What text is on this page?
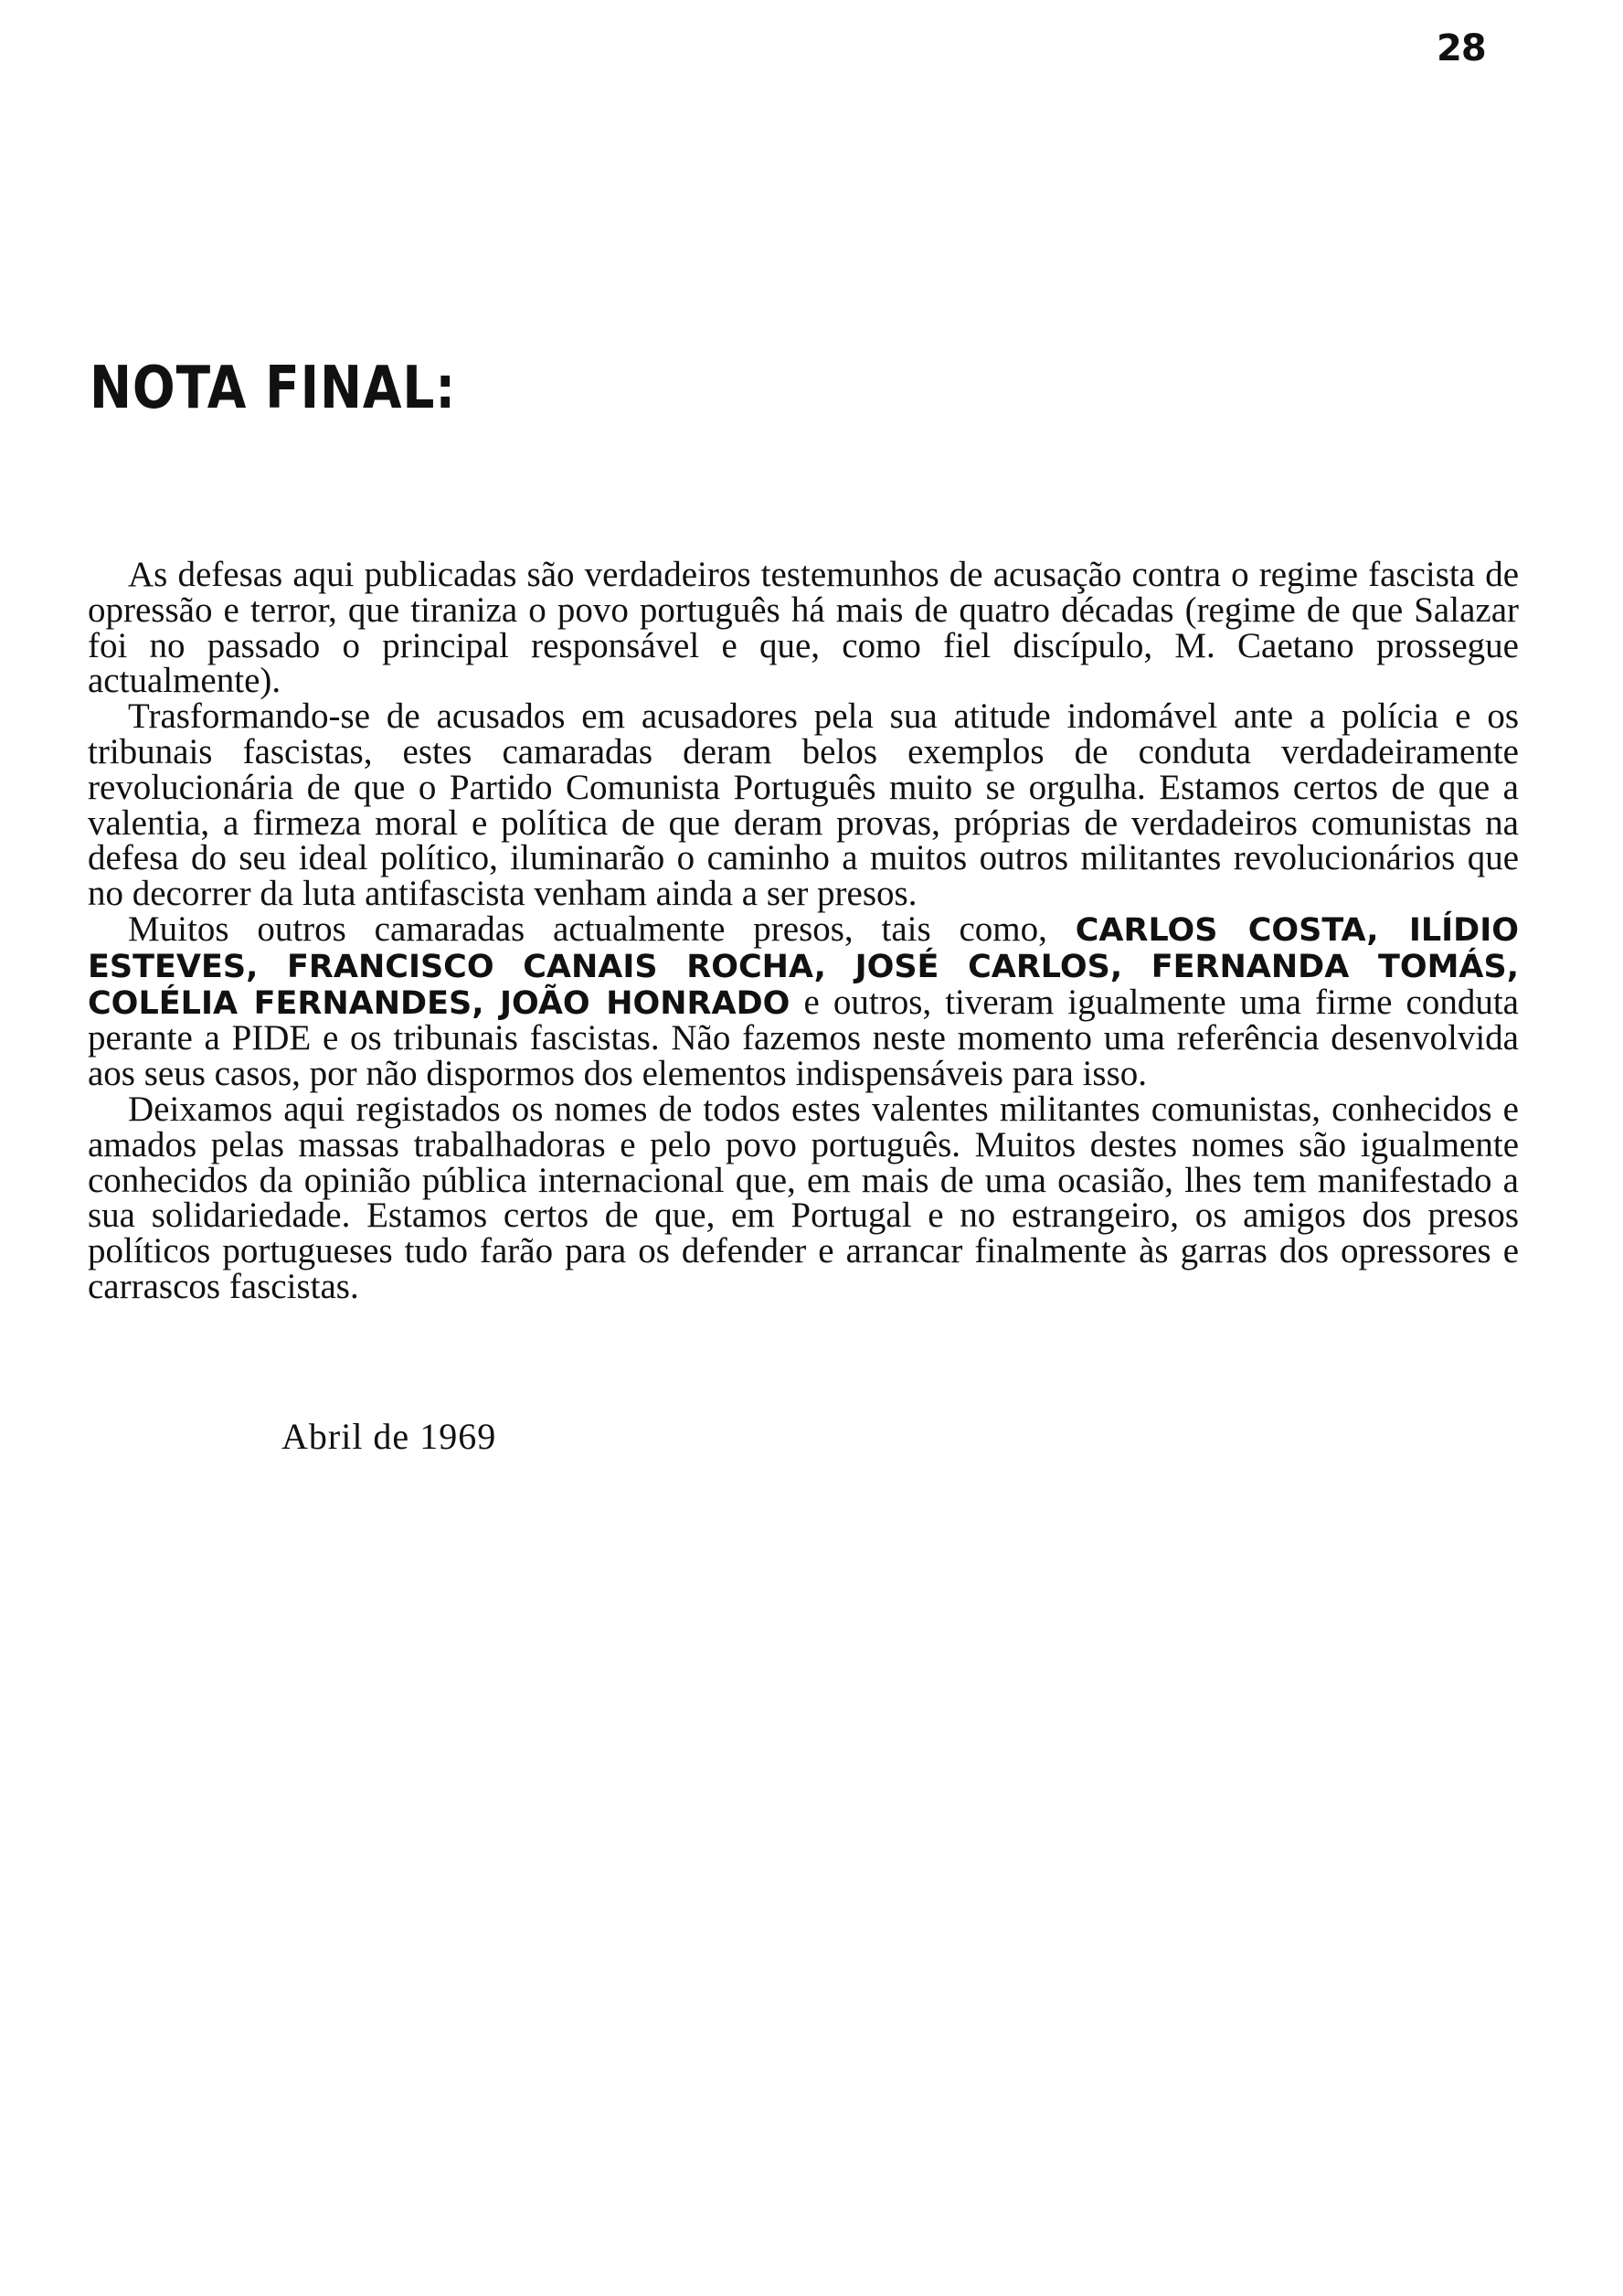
28
NOTA FINAL:

As defesas aqui publicadas são verdadeiros testemunhos de acusação contra o regime fascista de opressão e terror, que tiraniza o povo português há mais de quatro décadas (regime de que Salazar foi no passado o principal responsável e que, como fiel discípulo, M. Caetano prossegue actualmente).

Trasformando-se de acusados em acusadores pela sua atitude indomável ante a polícia e os tribunais fascistas, estes camaradas deram belos exemplos de conduta verdadeiramente revolucionária de que o Partido Comunista Português muito se orgulha. Estamos certos de que a valentia, a firmeza moral e política de que deram provas, próprias de verdadeiros comunistas na defesa do seu ideal político, iluminarão o caminho a muitos outros militantes revolucionários que no decorrer da luta antifascista venham ainda a ser presos.

Muitos outros camaradas actualmente presos, tais como, CARLOS COSTA, ILÍDIO ESTEVES, FRANCISCO CANAIS ROCHA, JOSÉ CARLOS, FERNANDA TOMÁS, COLÉLIA FERNANDES, JOÃO HONRADO e outros, tiveram igualmente uma firme conduta perante a PIDE e os tribunais fascistas. Não fazemos neste momento uma referência desenvolvida aos seus casos, por não dispormos dos elementos indispensáveis para isso.

Deixamos aqui registados os nomes de todos estes valentes militantes comunistas, conhecidos e amados pelas massas trabalhadoras e pelo povo português. Muitos destes nomes são igualmente conhecidos da opinião pública internacional que, em mais de uma ocasião, lhes tem manifestado a sua solidariedade. Estamos certos de que, em Portugal e no estrangeiro, os amigos dos presos políticos portugueses tudo farão para os defender e arrancar finalmente às garras dos opressores e carrascos fascistas.

Abril de 1969
